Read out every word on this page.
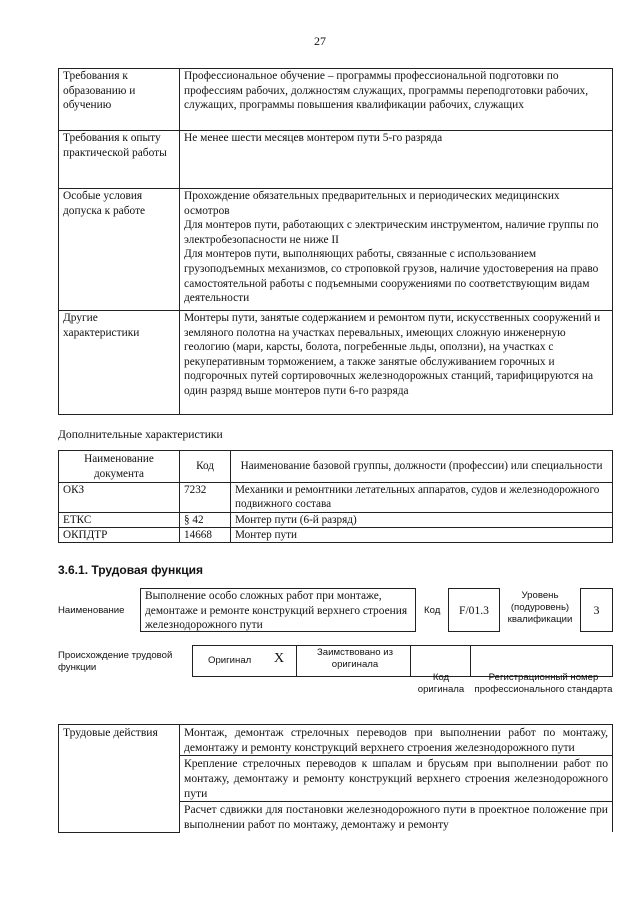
27
Требования к образованию и обучению	Профессиональное обучение – программы профессиональной подготовки по профессиям рабочих, должностям служащих, программы переподготовки рабочих, служащих, программы повышения квалификации рабочих, служащих

Требования к опыту практической работы	Не менее шести месяцев монтером пути 5-го разряда

Особые условия допуска к работе	Прохождение обязательных предварительных и периодических медицинских осмотров

Для монтеров пути, работающих с электрическим инструментом, наличие группы по электробезопасности не ниже II

Для монтеров пути, выполняющих работы, связанные с использованием грузоподъемных механизмов, со строповкой грузов, наличие удостоверения на право самостоятельной работы с подъемными сооружениями по соответствующим видам деятельности

Другие характеристики	Монтеры пути, занятые содержанием и ремонтом пути, искусственных сооружений и земляного полотна на участках перевальных, имеющих сложную инженерную геологию (мари, карсты, болота, погребенные льды, оползни), на участках с рекуперативным торможением, а также занятые обслуживанием горочных и подгорочных путей сортировочных железнодорожных станций, тарифицируются на один разряд выше монтеров пути 6-го разряда

Дополнительные характеристики
Наименование документа	Код	Наименование базовой группы, должности (профессии) или специальности
ОКЗ	7232	Механики и ремонтники летательных аппаратов, судов и железнодорожного подвижного состава
ЕТКС	§ 42	Монтер пути (6-й разряд)
ОКПДТР	14668	Монтер пути
3.6.1. Трудовая функция
Наименование
Выполнение особо сложных работ при монтаже, демонтаже и ремонте конструкций верхнего строения железнодорожного пути
Код F/01.3
Уровень (подуровень) квалификации
3
Происхождение трудовой функции
Оригинал X	Заимствовано из оригинала
Код оригинала
Регистрационный номер профессионального стандарта
Трудовые действия	Монтаж, демонтаж стрелочных переводов при выполнении работ по монтажу, демонтажу и ремонту конструкций верхнего строения железнодорожного пути
Крепление стрелочных переводов к шпалам и брусьям при выполнении работ по монтажу, демонтажу и ремонту конструкций верхнего строения железнодорожного пути
Расчет сдвижки для постановки железнодорожного пути в проектное положение при выполнении работ по монтажу, демонтажу и ремонту
